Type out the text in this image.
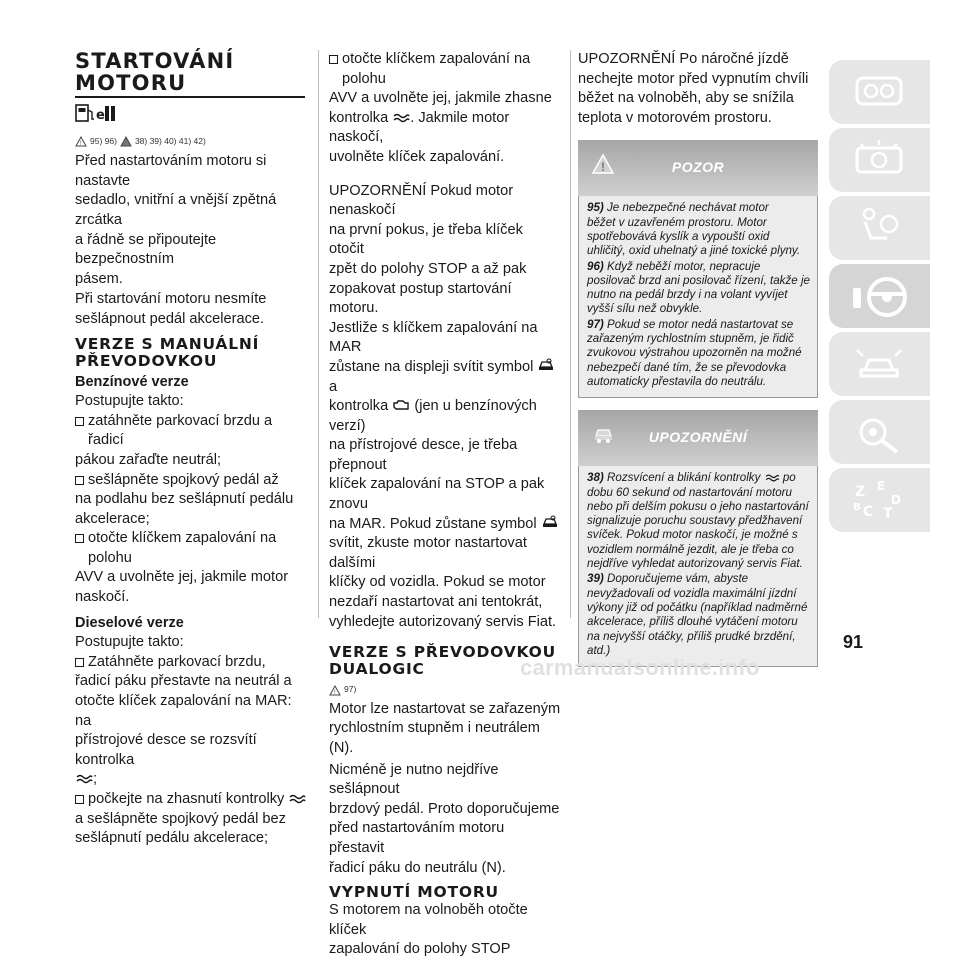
STARTOVÁNÍ
MOTORU
e
! 95) 96) 38) 39) 40) 41) 42)
Před nastartováním motoru si nastavte
sedadlo, vnitřní a vnější zpětná zrcátka
a řádně se připoutejte bezpečnostním
pásem.
Při startování motoru nesmíte
sešlápnout pedál akcelerace.
VERZE S MANUÁLNÍ
PŘEVODOVKOU
Benzínové verze
Postupujte takto:
zatáhněte parkovací brzdu a řadicí
pákou zařaďte neutrál;
sešlápněte spojkový pedál až
na podlahu bez sešlápnutí pedálu
akcelerace;
otočte klíčkem zapalování na polohu
AVV a uvolněte jej, jakmile motor
naskočí.
Dieselové verze
Postupujte takto:
Zatáhněte parkovací brzdu,
řadicí páku přestavte na neutrál a
otočte klíček zapalování na MAR: na
přístrojové desce se rozsvítí kontrolka
;
počkejte na zhasnutí kontrolky
a sešlápněte spojkový pedál bez
sešlápnutí pedálu akcelerace;
otočte klíčkem zapalování na polohu
AVV a uvolněte jej, jakmile zhasne
kontrolka . Jakmile motor naskočí,
uvolněte klíček zapalování.
UPOZORNĚNÍ Pokud motor nenaskočí
na první pokus, je třeba klíček otočit
zpět do polohy STOP a až pak
zopakovat postup startování motoru.
Jestliže s klíčkem zapalování na MAR
zůstane na displeji svítit symbol  a
kontrolka (jen u benzínových verzí)
na přístrojové desce, je třeba přepnout
klíček zapalování na STOP a pak znovu
na MAR. Pokud zůstane symbol
svítit, zkuste motor nastartovat dalšími
klíčky od vozidla. Pokud se motor
nezdaří nastartovat ani tentokrát,
vyhledejte autorizovaný servis Fiat.
VERZE S PŘEVODOVKOU
DUALOGIC
! 97)
Motor lze nastartovat se zařazeným
rychlostním stupněm i neutrálem (N).
Nicméně je nutno nejdříve sešlápnout
brzdový pedál. Proto doporučujeme
před nastartováním motoru přestavit
řadicí páku do neutrálu (N).
VYPNUTÍ MOTORU
S motorem na volnoběh otočte klíček
zapalování do polohy STOP
UPOZORNĚNÍ Po náročné jízdě
nechejte motor před vypnutím chvíli
běžet na volnoběh, aby se snížila
teplota v motorovém prostoru.
!	POZOR
95) Je nebezpečné nechávat motor
běžet v uzavřeném prostoru. Motor
spotřebovává kyslík a vypouští oxid
uhličitý, oxid uhelnatý a jiné toxické plyny.
96) Když neběží motor, nepracuje
posilovač brzd ani posilovač řízení, takže je
nutno na pedál brzdy i na volant vyvíjet
vyšší sílu než obvykle.
97) Pokud se motor nedá nastartovat se
zařazeným rychlostním stupněm, je řidič
zvukovou výstrahou upozorněn na možné
nebezpečí dané tím, že se převodovka
automaticky přestavila do neutrálu.
UPOZORNĚNÍ
38) Rozsvícení a blikání kontrolky po
dobu 60 sekund od nastartování motoru
nebo při delším pokusu o jeho nastartování
signalizuje poruchu soustavy předžhavení
svíček. Pokud motor naskočí, je možné s
vozidlem normálně jezdit, ale je třeba co
nejdříve vyhledat autorizovaný servis Fiat.
39) Doporučujeme vám, abyste
nevyžadovali od vozidla maximální jízdní
výkony již od počátku (například nadměrné
akcelerace, příliš dlouhé vytáčení motoru
na nejvyšší otáčky, příliš prudké brzdění,
atd.)
Z E
C T
D
B
91
carmanualsonline.info
